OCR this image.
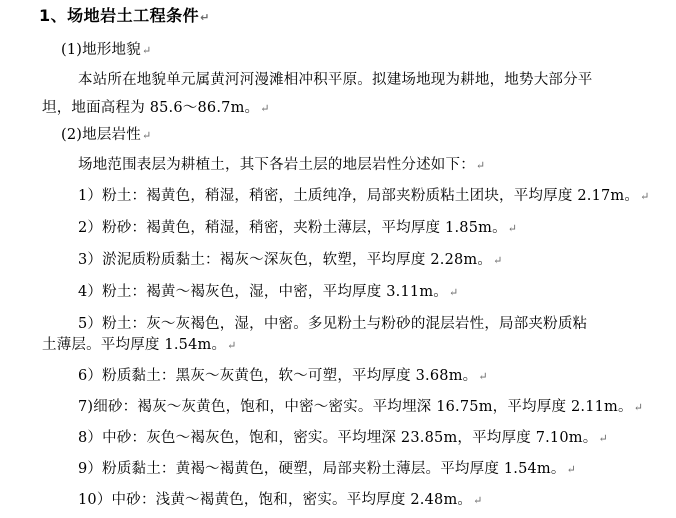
1、场地岩土工程条件↵
(1)地形地貌↵
本站所在地貌单元属黄河河漫滩相冲积平原。拟建场地现为耕地，地势大部分平
坦，地面高程为 85.6～86.7m。↵
(2)地层岩性↵
场地范围表层为耕植土，其下各岩土层的地层岩性分述如下：↵
1）粉土：褐黄色，稍湿，稍密，土质纯净，局部夹粉质粘土团块，平均厚度 2.17m。↵
2）粉砂：褐黄色，稍湿，稍密，夹粉土薄层，平均厚度 1.85m。↵
3）淤泥质粉质黏土：褐灰～深灰色，软塑，平均厚度 2.28m。↵
4）粉土：褐黄～褐灰色，湿，中密，平均厚度 3.11m。↵
5）粉土：灰～灰褐色，湿，中密。多见粉土与粉砂的混层岩性，局部夹粉质粘
土薄层。平均厚度 1.54m。↵
6）粉质黏土：黑灰～灰黄色，软～可塑，平均厚度 3.68m。↵
7)细砂：褐灰～灰黄色，饱和，中密～密实。平均埋深 16.75m，平均厚度 2.11m。↵
8）中砂：灰色～褐灰色，饱和，密实。平均埋深 23.85m，平均厚度 7.10m。↵
9）粉质黏土：黄褐～褐黄色，硬塑，局部夹粉土薄层。平均厚度 1.54m。↵
10）中砂：浅黄～褐黄色，饱和，密实。平均厚度 2.48m。↵
